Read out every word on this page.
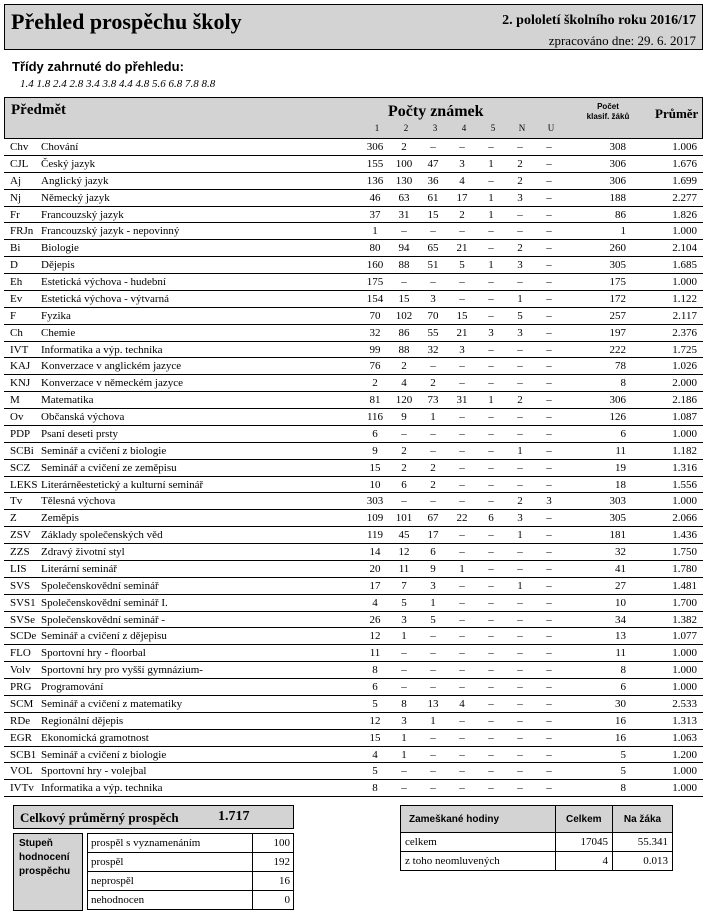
Přehled prospěchu školy	2. pololetí školního roku 2016/17
zpracováno dne: 29. 6. 2017
Třídy zahrnuté do přehledu:
1.4 1.8 2.4 2.8 3.4 3.8 4.4 4.8 5.6 6.8 7.8 8.8
Předmět	Počty známek
1	2	3	4	5	N	U
Počet
klasif. žáků	Průměr
Chv Chování	306	2	–	–	–	–	–	308	1.006
CJL Český jazyk	155	100	47	3	1	2	–	306	1.676
Aj Anglický jazyk	136	130	36	4	–	2	–	306	1.699
Nj Německý jazyk	46	63	61	17	1	3	–	188	2.277
Fr Francouzský jazyk	37	31	15	2	1	–	–	86	1.826
FRJn Francouzský jazyk - nepovinný	1	–	–	–	–	–	–	1	1.000
Bi Biologie	80	94	65	21	–	2	–	260	2.104
D Dějepis	160	88	51	5	1	3	–	305	1.685
Eh Estetická výchova - hudební	175	–	–	–	–	–	–	175	1.000
Ev Estetická výchova - výtvarná	154	15	3	–	–	1	–	172	1.122
F Fyzika	70	102	70	15	–	5	–	257	2.117
Ch Chemie	32	86	55	21	3	3	–	197	2.376
IVT Informatika a výp. technika	99	88	32	3	–	–	–	222	1.725
KAJ Konverzace v anglickém jazyce	76	2	–	–	–	–	–	78	1.026
KNJ Konverzace v německém jazyce	2	4	2	–	–	–	–	8	2.000
M Matematika	81	120	73	31	1	2	–	306	2.186
Ov Občanská výchova	116	9	1	–	–	–	–	126	1.087
PDP Psaní deseti prsty	6	–	–	–	–	–	–	6	1.000
SCBi Seminář a cvičení z biologie	9	2	–	–	–	1	–	11	1.182
SCZ Seminář a cvičení ze zeměpisu	15	2	2	–	–	–	–	19	1.316
LEKS Literárněestetický a kulturní seminář	10	6	2	–	–	–	–	18	1.556
Tv Tělesná výchova	303	–	–	–	–	2	3	303	1.000
Z Zeměpis	109	101	67	22	6	3	–	305	2.066
ZSV Základy společenských věd	119	45	17	–	–	1	–	181	1.436
ZZS Zdravý životní styl	14	12	6	–	–	–	–	32	1.750
LIS Literární seminář	20	11	9	1	–	–	–	41	1.780
SVS Společenskovědní seminář	17	7	3	–	–	1	–	27	1.481
SVS1 Společenskovědní seminář I.	4	5	1	–	–	–	–	10	1.700
SVSe Společenskovědní seminář -	26	3	5	–	–	–	–	34	1.382
SCDe Seminář a cvičení z dějepisu	12	1	–	–	–	–	–	13	1.077
FLO Sportovní hry - floorbal	11	–	–	–	–	–	–	11	1.000
Volv Sportovní hry pro vyšší gymnázium-	8	–	–	–	–	–	–	8	1.000
PRG Programování	6	–	–	–	–	–	–	6	1.000
SCM Seminář a cvičení z matematiky	5	8	13	4	–	–	–	30	2.533
RDe Regionální dějepis	12	3	1	–	–	–	–	16	1.313
EGR Ekonomická gramotnost	15	1	–	–	–	–	–	16	1.063
SCB1 Seminář a cvičení z biologie	4	1	–	–	–	–	–	5	1.200
VOL Sportovní hry - volejbal	5	–	–	–	–	–	–	5	1.000
IVTv Informatika a výp. technika	8	–	–	–	–	–	–	8	1.000
Celkový průměrný prospěch	1.717
Stupeň
hodnocení
prospěchu
prospěl s vyznamenáním	100
prospěl	192
neprospěl	16
nehodnocen	0
Zameškané hodiny	Celkem	Na žáka
celkem	17045	55.341
z toho neomluvených	4	0.013
